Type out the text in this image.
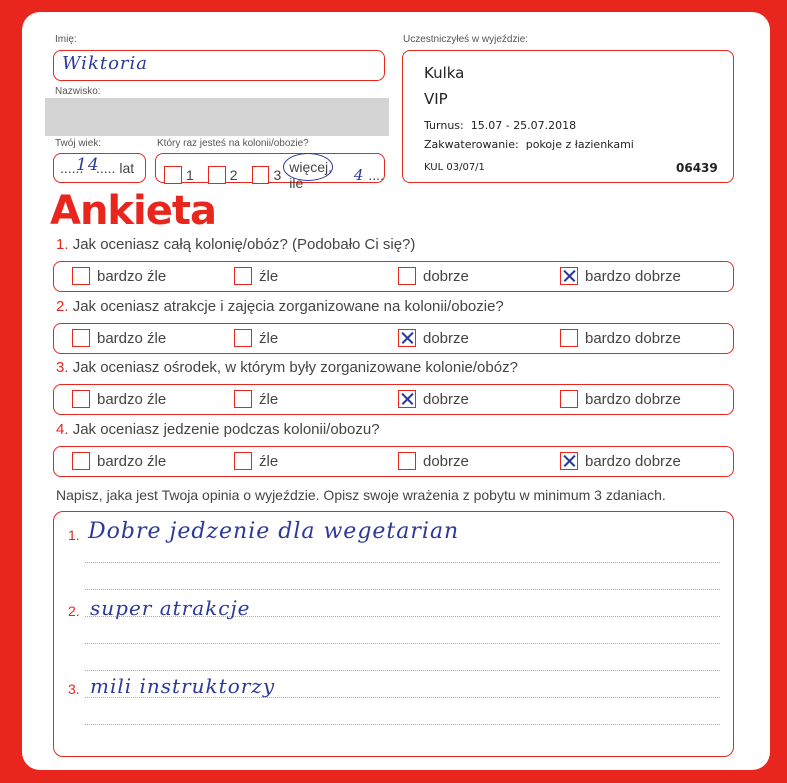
Imię:
Wiktoria
Nazwisko:
Twój wiek:
......
14
..... lat
Który raz jesteś na kolonii/obozie?
1	2	3 więcej, ile	4 ....
Uczestniczyłeś w wyjeździe:
Kulka
VIP
Turnus: 15.07 - 25.07.2018
Zakwaterowanie: pokoje z łazienkami
KUL 03/07/1	06439
Ankieta
1. Jak oceniasz całą kolonię/obóz? (Podobało Ci się?)
bardzo źle	źle	dobrze	bardzo dobrze
2. Jak oceniasz atrakcje i zajęcia zorganizowane na kolonii/obozie?
bardzo źle	źle	dobrze	bardzo dobrze
3. Jak oceniasz ośrodek, w którym były zorganizowane kolonie/obóz?
bardzo źle	źle	dobrze	bardzo dobrze
4. Jak oceniasz jedzenie podczas kolonii/obozu?
bardzo źle	źle	dobrze	bardzo dobrze
Napisz, jaka jest Twoja opinia o wyjeździe. Opisz swoje wrażenia z pobytu w minimum 3 zdaniach.
1. Dobre jedzenie dla wegetarian
2. super atrakcje
3. mili instruktorzy
